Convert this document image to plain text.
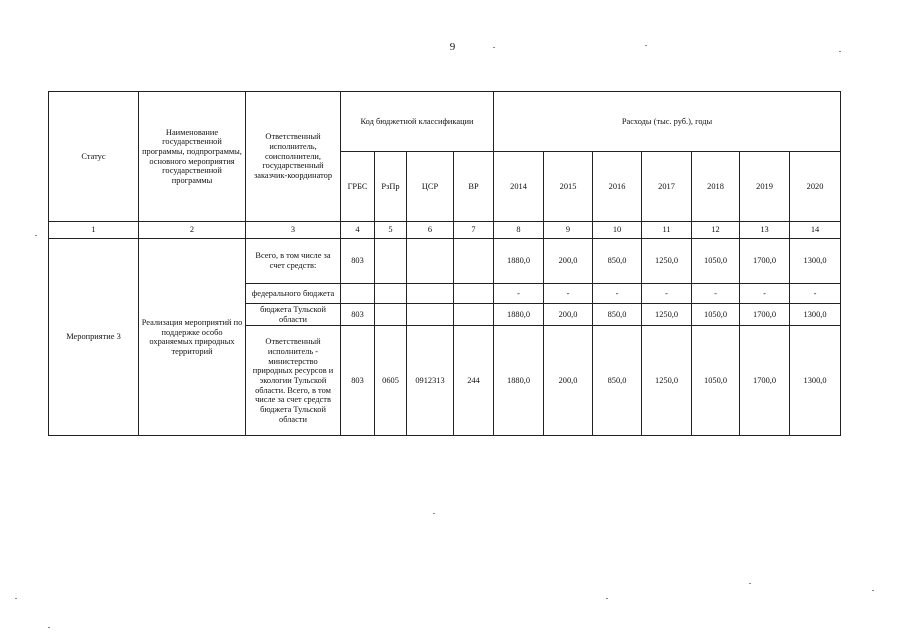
9
Статус	Наименование государственной программы, подпрограммы, основного мероприятия государственной программы	Ответственный исполнитель, соисполнители, государственный заказчик-координатор	Код бюджетной классификации				Расходы (тыс. руб.), годы						
			ГРБС	РзПр	ЦСР	ВР	2014	2015	2016	2017	2018	2019	2020
1	2	3	4	5	6	7	8	9	10	11	12	13	14
Мероприятие 3	Реализация мероприятий по поддержке особо охраняемых природных территорий	Всего, в том числе за счет средств:	803				1880,0	200,0	850,0	1250,0	1050,0	1700,0	1300,0
		федерального бюджета					-	-	-	-	-	-	-
		бюджета Тульской области	803				1880,0	200,0	850,0	1250,0	1050,0	1700,0	1300,0
		Ответственный исполнитель - министерство природных ресурсов и экологии Тульской области. Всего, в том числе за счет средств бюджета Тульской области	803	0605	0912313	244	1880,0	200,0	850,0	1250,0	1050,0	1700,0	1300,0
